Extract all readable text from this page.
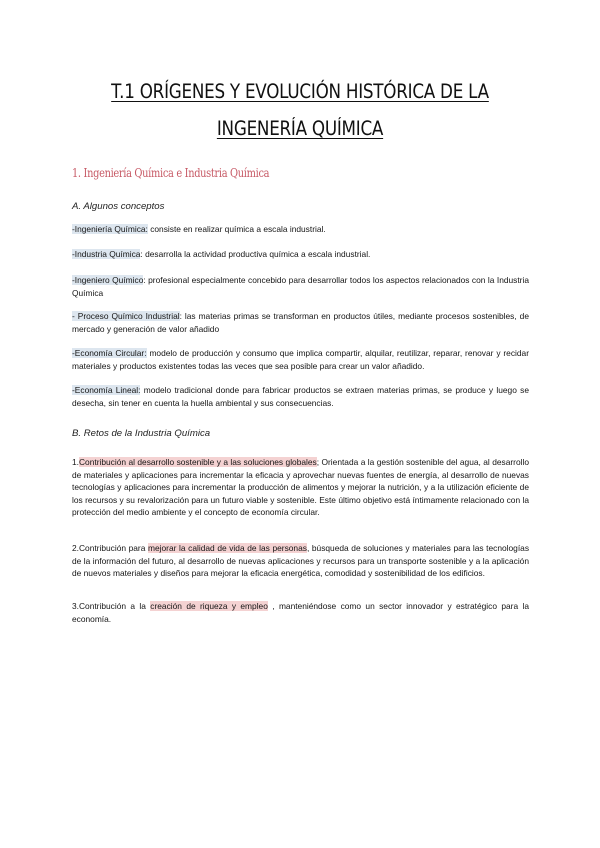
T.1 ORÍGENES Y EVOLUCIÓN HISTÓRICA DE LA
INGENERÍA QUÍMICA
1. Ingeniería Química e Industria Química
A. Algunos conceptos

-Ingeniería Química: consiste en realizar química a escala industrial.

-Industria Química: desarrolla la actividad productiva química a escala industrial.

-Ingeniero Químico: profesional especialmente concebido para desarrollar todos los aspectos relacionados con la Industria Química

- Proceso Químico Industrial: las materias primas se transforman en productos útiles, mediante procesos sostenibles, de mercado y generación de valor añadido

-Economía Circular: modelo de producción y consumo que implica compartir, alquilar, reutilizar, reparar, renovar y recidar materiales y productos existentes todas las veces que sea posible para crear un valor añadido.

-Economía Lineal: modelo tradicional donde para fabricar productos se extraen materias primas, se produce y luego se desecha, sin tener en cuenta la huella ambiental y sus consecuencias.

B. Retos de la Industria Química

1.Contribución al desarrollo sostenible y a las soluciones globales; Orientada a la gestión sostenible del agua, al desarrollo de materiales y aplicaciones para incrementar la eficacia y aprovechar nuevas fuentes de energía, al desarrollo de nuevas tecnologías y aplicaciones para incrementar la producción de alimentos y mejorar la nutrición, y a la utilización eficiente de los recursos y su revalorización para un futuro viable y sostenible. Este último objetivo está íntimamente relacionado con la protección del medio ambiente y el concepto de economía circular.

2.Contribución para mejorar la calidad de vida de las personas, búsqueda de soluciones y materiales para las tecnologías de la información del futuro, al desarrollo de nuevas aplicaciones y recursos para un transporte sostenible y a la aplicación de nuevos materiales y diseños para mejorar la eficacia energética, comodidad y sostenibilidad de los edificios.

3.Contribución a la creación de riqueza y empleo , manteniéndose como un sector innovador y estratégico para la economía.
